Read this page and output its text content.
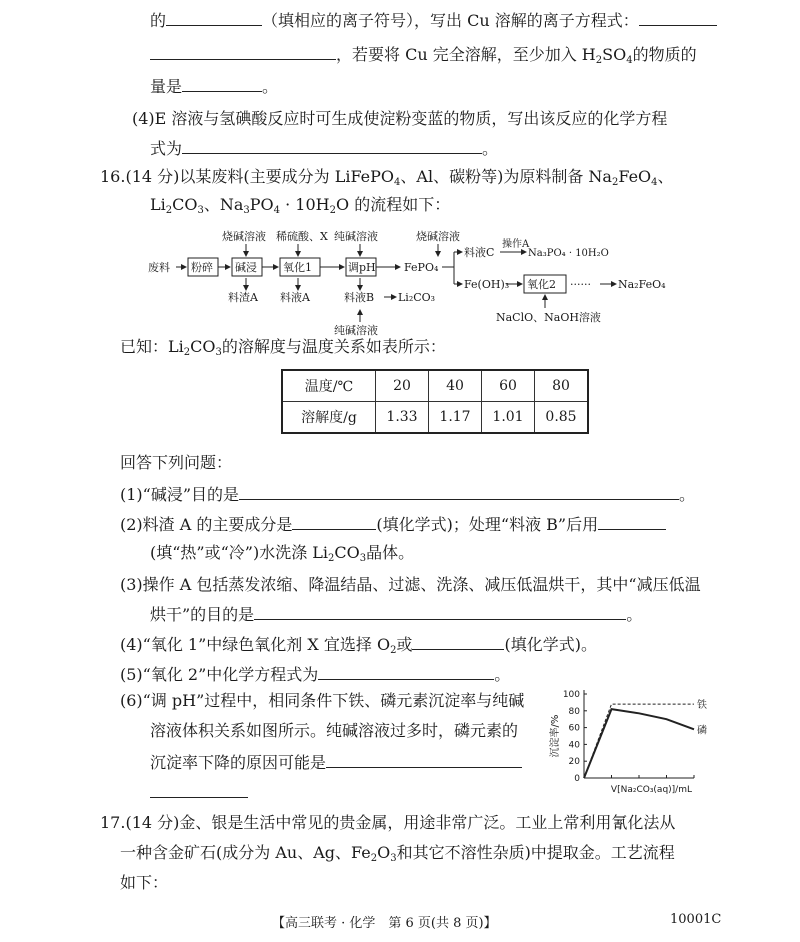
的	（填相应的离子符号），写出 Cu 溶解的离子方程式：
，若要将 Cu 完全溶解，至少加入 $H_2SO_4$的物质的
量是	。
(4)E 溶液与氢碘酸反应时可生成使淀粉变蓝的物质，写出该反应的化学方程
式为	。
16.(14 分)以某废料(主要成分为 LiFePO$_4$、Al、碳粉等)为原料制备 $Na_2FeO_4$、
$Li_2CO_3$、$Na_3PO_4 \cdot 10H_2O$ 的流程如下：
废料 粉碎 碱浸 氧化1	调pH
氧化2
烧碱溶液 稀硫酸、X 纯碱溶液	烧碱溶液
料渣A 料液A	料液B Li₂CO₃
FePO₄
料液C
操作A
Na₃PO₄ · 10H₂O
Fe(OH)₃	······ Na₂FeO₄
纯碱溶液
NaClO、NaOH溶液
已知：$Li_2CO_3$的溶解度与温度关系如表所示：
温度/℃	20	40	60	80
溶解度/g	1.33	1.17	1.01	0.85
回答下列问题：
(1)“碱浸”目的是	。
(2)料渣 A 的主要成分是	(填化学式)；处理“料液 B”后用
(填“热”或“冷”)水洗涤 $Li_2CO_3$晶体。
(3)操作 A 包括蒸发浓缩、降温结晶、过滤、洗涤、减压低温烘干，其中“减压低温
烘干”的目的是	。
(4)“氧化 1”中绿色氧化剂 X 宜选择 $O_2$或	(填化学式)。
(5)“氧化 2”中化学方程式为	。
(6)“调 pH”过程中，相同条件下铁、磷元素沉淀率与纯碱
溶液体积关系如图所示。纯碱溶液过多时，磷元素的
沉淀率下降的原因可能是
0
20
40
60
80
100
沉淀率/%
V[Na₂CO₃(aq)]/mL
铁
磷
17.(14 分)金、银是生活中常见的贵金属，用途非常广泛。工业上常利用氰化法从
一种含金矿石(成分为 Au、Ag、$Fe_2O_3$和其它不溶性杂质)中提取金。工艺流程
如下：
【高三联考 · 化学　第 6 页(共 8 页)】	10001C
